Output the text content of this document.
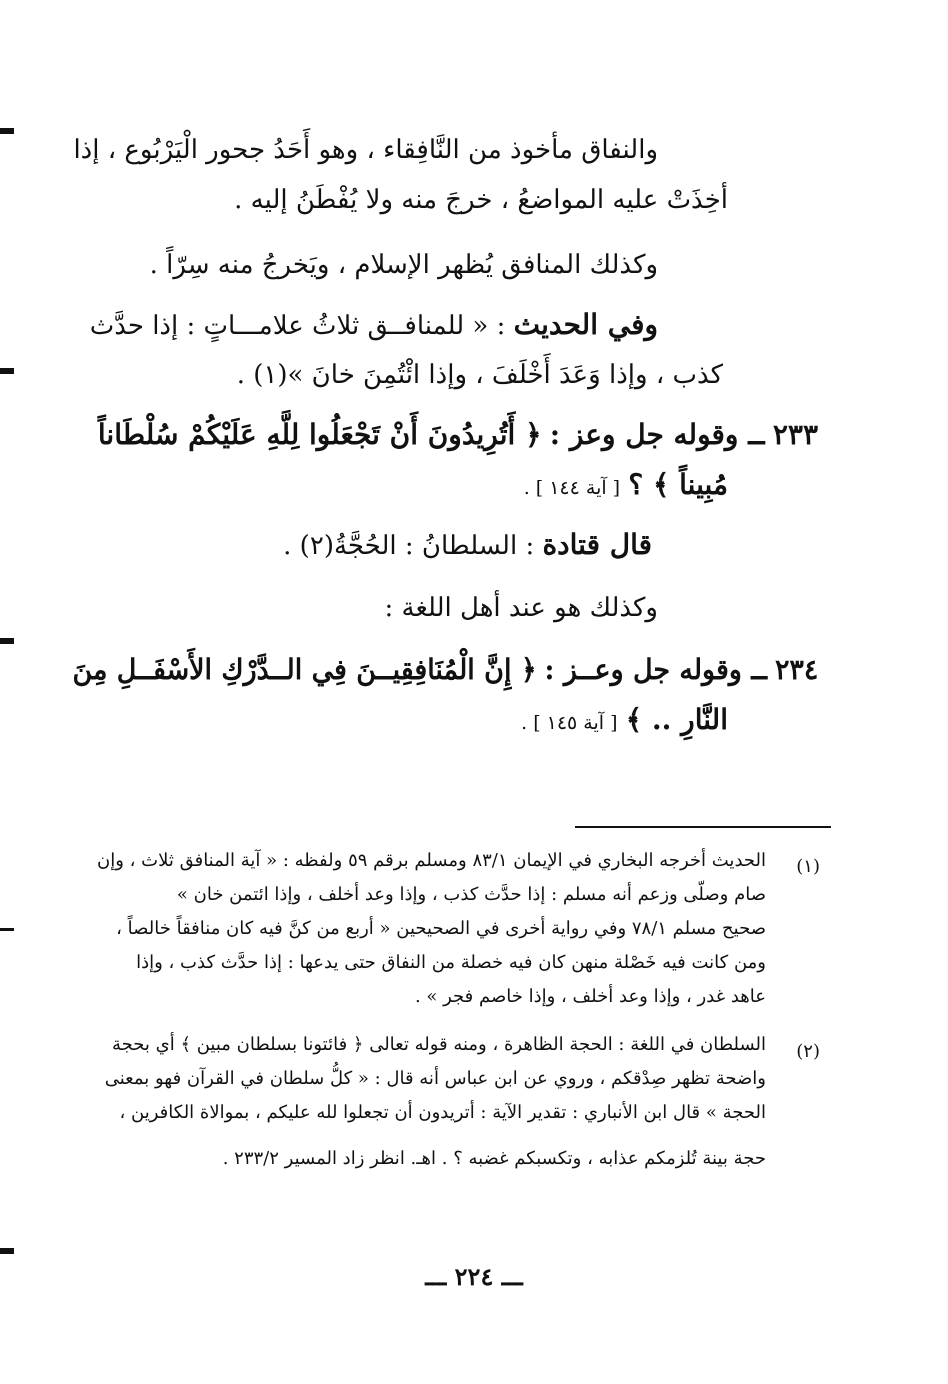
والنفاق مأخوذ من النَّافِقاء ، وهو أَحَدُ جحور الْيَرْبُوع ، إذا
أخِذَتْ عليه المواضعُ ، خرجَ منه ولا يُفْطَنُ إليه .
وكذلك المنافق يُظهر الإسلام ، ويَخرجُ منه سِرّاً .
وفي الحديث : « للمنافــق ثلاثُ علامـــاتٍ : إذا حدَّث
كذب ، وإذا وَعَدَ أَخْلَفَ ، وإذا ائْتُمِنَ خانَ »(١) .
٢٣٣ ــ وقوله جل وعز : ﴿ أَتُرِيدُونَ أَنْ تَجْعَلُوا لِلَّهِ عَلَيْكُمْ سُلْطَاناً
مُبِيناً ﴾ ؟ [ آية ١٤٤ ] .
قال قتادة : السلطانُ : الحُجَّةُ(٢) .
وكذلك هو عند أهل اللغة :
٢٣٤ ــ وقوله جل وعــز : ﴿ إِنَّ الْمُنَافِقِيــنَ فِي الــدَّرْكِ الأَسْفَــلِ مِنَ
النَّارِ .. ﴾ [ آية ١٤٥ ] .
(١)
الحديث أخرجه البخاري في الإيمان ٨٣/١ ومسلم برقم ٥٩ ولفظه : « آية المنافق ثلاث ، وإن
صام وصلّى وزعم أنه مسلم : إذا حدَّث كذب ، وإذا وعد أخلف ، وإذا ائتمن خان »
صحيح مسلم ٧٨/١ وفي رواية أخرى في الصحيحين « أربع من كنَّ فيه كان منافقاً خالصاً ،
ومن كانت فيه خَصْلة منهن كان فيه خصلة من النفاق حتى يدعها : إذا حدَّث كذب ، وإذا
عاهد غدر ، وإذا وعد أخلف ، وإذا خاصم فجر » .
(٢)
السلطان في اللغة : الحجة الظاهرة ، ومنه قوله تعالى ﴿ فائتونا بسلطان مبين ﴾ أي بحجة
واضحة تظهر صِدْقكم ، وروي عن ابن عباس أنه قال : « كلُّ سلطان في القرآن فهو بمعنى
الحجة » قال ابن الأنباري : تقدير الآية : أتريدون أن تجعلوا لله عليكم ، بموالاة الكافرين ،
حجة بينة تُلزمكم عذابه ، وتكسبكم غضبه ؟ . اهـ. انظر زاد المسير ٢٣٣/٢ .
ـــ ٢٢٤ ـــ
